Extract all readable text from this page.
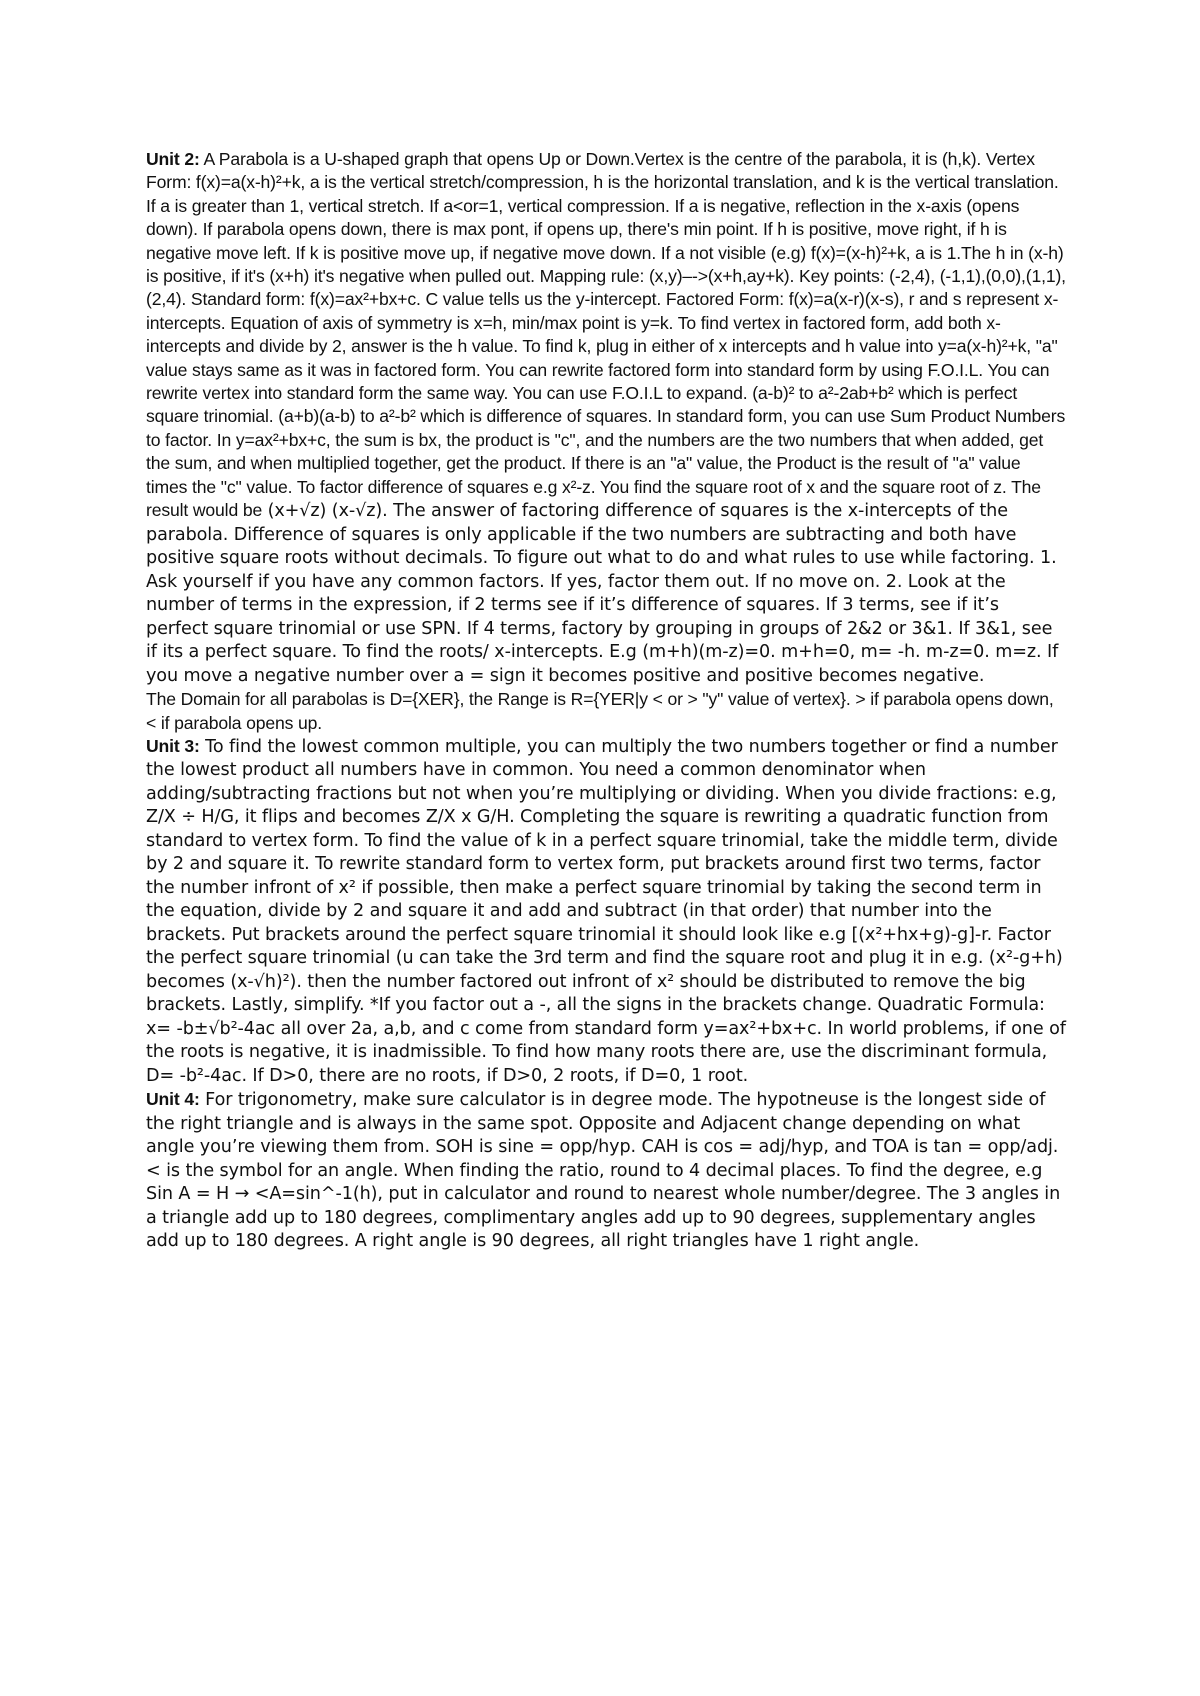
Unit 2: A Parabola is a U-shaped graph that opens Up or Down.Vertex is the centre of the parabola, it is (h,k). Vertex Form: f(x)=a(x-h)²+k, a is the vertical stretch/compression, h is the horizontal translation, and k is the vertical translation. If a is greater than 1, vertical stretch. If a<or=1, vertical compression. If a is negative, reflection in the x-axis (opens down). If parabola opens down, there is max pont, if opens up, there's min point. If h is positive, move right, if h is negative move left. If k is positive move up, if negative move down. If a not visible (e.g) f(x)=(x-h)²+k, a is 1.The h in (x-h) is positive, if it's (x+h) it's negative when pulled out. Mapping rule: (x,y)–->(x+h,ay+k). Key points: (-2,4), (-1,1),(0,0),(1,1),(2,4). Standard form: f(x)=ax²+bx+c. C value tells us the y-intercept. Factored Form: f(x)=a(x-r)(x-s), r and s represent x-intercepts. Equation of axis of symmetry is x=h, min/max point is y=k. To find vertex in factored form, add both x-intercepts and divide by 2, answer is the h value. To find k, plug in either of x intercepts and h value into y=a(x-h)²+k, "a" value stays same as it was in factored form. You can rewrite factored form into standard form by using F.O.I.L. You can rewrite vertex into standard form the same way. You can use F.O.I.L to expand. (a-b)² to a²-2ab+b² which is perfect square trinomial. (a+b)(a-b) to a²-b² which is difference of squares. In standard form, you can use Sum Product Numbers to factor. In y=ax²+bx+c, the sum is bx, the product is "c", and the numbers are the two numbers that when added, get the sum, and when multiplied together, get the product. If there is an "a" value, the Product is the result of "a" value times the "c" value. To factor difference of squares e.g x²-z. You find the square root of x and the square root of z. The result would be (x+√z) (x-√z). The answer of factoring difference of squares is the x-intercepts of the parabola. Difference of squares is only applicable if the two numbers are subtracting and both have positive square roots without decimals. To figure out what to do and what rules to use while factoring. 1. Ask yourself if you have any common factors. If yes, factor them out. If no move on. 2. Look at the number of terms in the expression, if 2 terms see if it’s difference of squares. If 3 terms, see if it’s perfect square trinomial or use SPN. If 4 terms, factory by grouping in groups of 2&2 or 3&1. If 3&1, see if its a perfect square. To find the roots/ x-intercepts. E.g (m+h)(m-z)=0. m+h=0, m= -h. m-z=0. m=z. If you move a negative number over a = sign it becomes positive and positive becomes negative.

The Domain for all parabolas is D={XER}, the Range is R={YER|y < or > "y" value of vertex}. > if parabola opens down, < if parabola opens up.

Unit 3: To find the lowest common multiple, you can multiply the two numbers together or find a number the lowest product all numbers have in common. You need a common denominator when adding/subtracting fractions but not when you’re multiplying or dividing. When you divide fractions: e.g, Z/X ÷ H/G, it flips and becomes Z/X x G/H. Completing the square is rewriting a quadratic function from standard to vertex form. To find the value of k in a perfect square trinomial, take the middle term, divide by 2 and square it. To rewrite standard form to vertex form, put brackets around first two terms, factor the number infront of x² if possible, then make a perfect square trinomial by taking the second term in the equation, divide by 2 and square it and add and subtract (in that order) that number into the brackets. Put brackets around the perfect square trinomial it should look like e.g [(x²+hx+g)-g]-r. Factor the perfect square trinomial (u can take the 3rd term and find the square root and plug it in e.g. (x²-g+h) becomes (x-√h)²). then the number factored out infront of x² should be distributed to remove the big brackets. Lastly, simplify. *If you factor out a -, all the signs in the brackets change. Quadratic Formula: x= -b±√b²-4ac all over 2a, a,b, and c come from standard form y=ax²+bx+c. In world problems, if one of the roots is negative, it is inadmissible. To find how many roots there are, use the discriminant formula, D= -b²-4ac. If D>0, there are no roots, if D>0, 2 roots, if D=0, 1 root.

Unit 4: For trigonometry, make sure calculator is in degree mode. The hypotneuse is the longest side of the right triangle and is always in the same spot. Opposite and Adjacent change depending on what angle you’re viewing them from. SOH is sine = opp/hyp. CAH is cos = adj/hyp, and TOA is tan = opp/adj. < is the symbol for an angle. When finding the ratio, round to 4 decimal places. To find the degree, e.g Sin A = H → <A=sin^-1(h), put in calculator and round to nearest whole number/degree. The 3 angles in a triangle add up to 180 degrees, complimentary angles add up to 90 degrees, supplementary angles add up to 180 degrees. A right angle is 90 degrees, all right triangles have 1 right angle.
